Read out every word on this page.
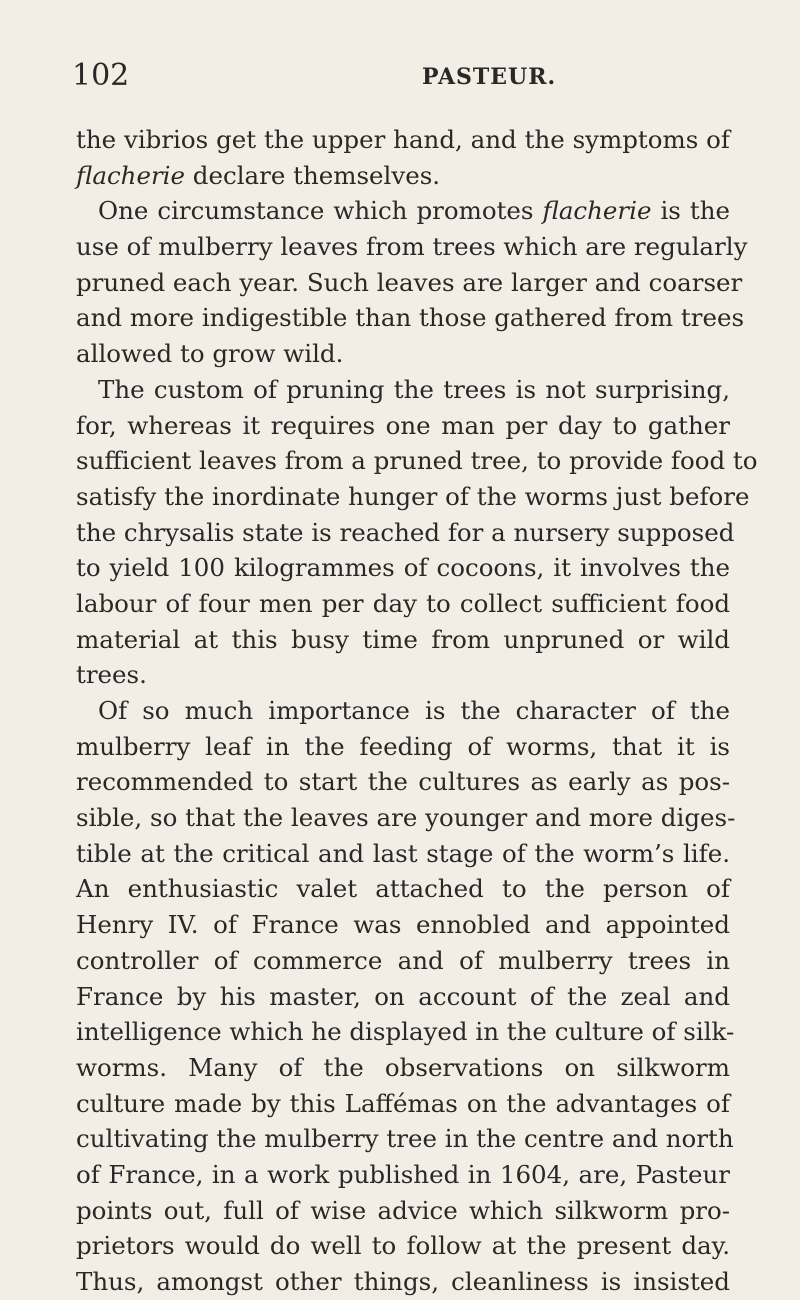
102	PASTEUR.
the vibrios get the upper hand, and the symptoms of
flacherie declare themselves.
One circumstance which promotes flacherie is the
use of mulberry leaves from trees which are regularly
pruned each year. Such leaves are larger and coarser
and more indigestible than those gathered from trees
allowed to grow wild.
The custom of pruning the trees is not surprising,
for, whereas it requires one man per day to gather
sufficient leaves from a pruned tree, to provide food to
satisfy the inordinate hunger of the worms just before
the chrysalis state is reached for a nursery supposed
to yield 100 kilogrammes of cocoons, it involves the
labour of four men per day to collect sufficient food
material at this busy time from unpruned or wild
trees.
Of so much importance is the character of the
mulberry leaf in the feeding of worms, that it is
recommended to start the cultures as early as pos-
sible, so that the leaves are younger and more diges-
tible at the critical and last stage of the worm’s life.
An enthusiastic valet attached to the person of
Henry IV. of France was ennobled and appointed
controller of commerce and of mulberry trees in
France by his master, on account of the zeal and
intelligence which he displayed in the culture of silk-
worms. Many of the observations on silkworm
culture made by this Laffémas on the advantages of
cultivating the mulberry tree in the centre and north
of France, in a work published in 1604, are, Pasteur
points out, full of wise advice which silkworm pro-
prietors would do well to follow at the present day.
Thus, amongst other things, cleanliness is insisted
